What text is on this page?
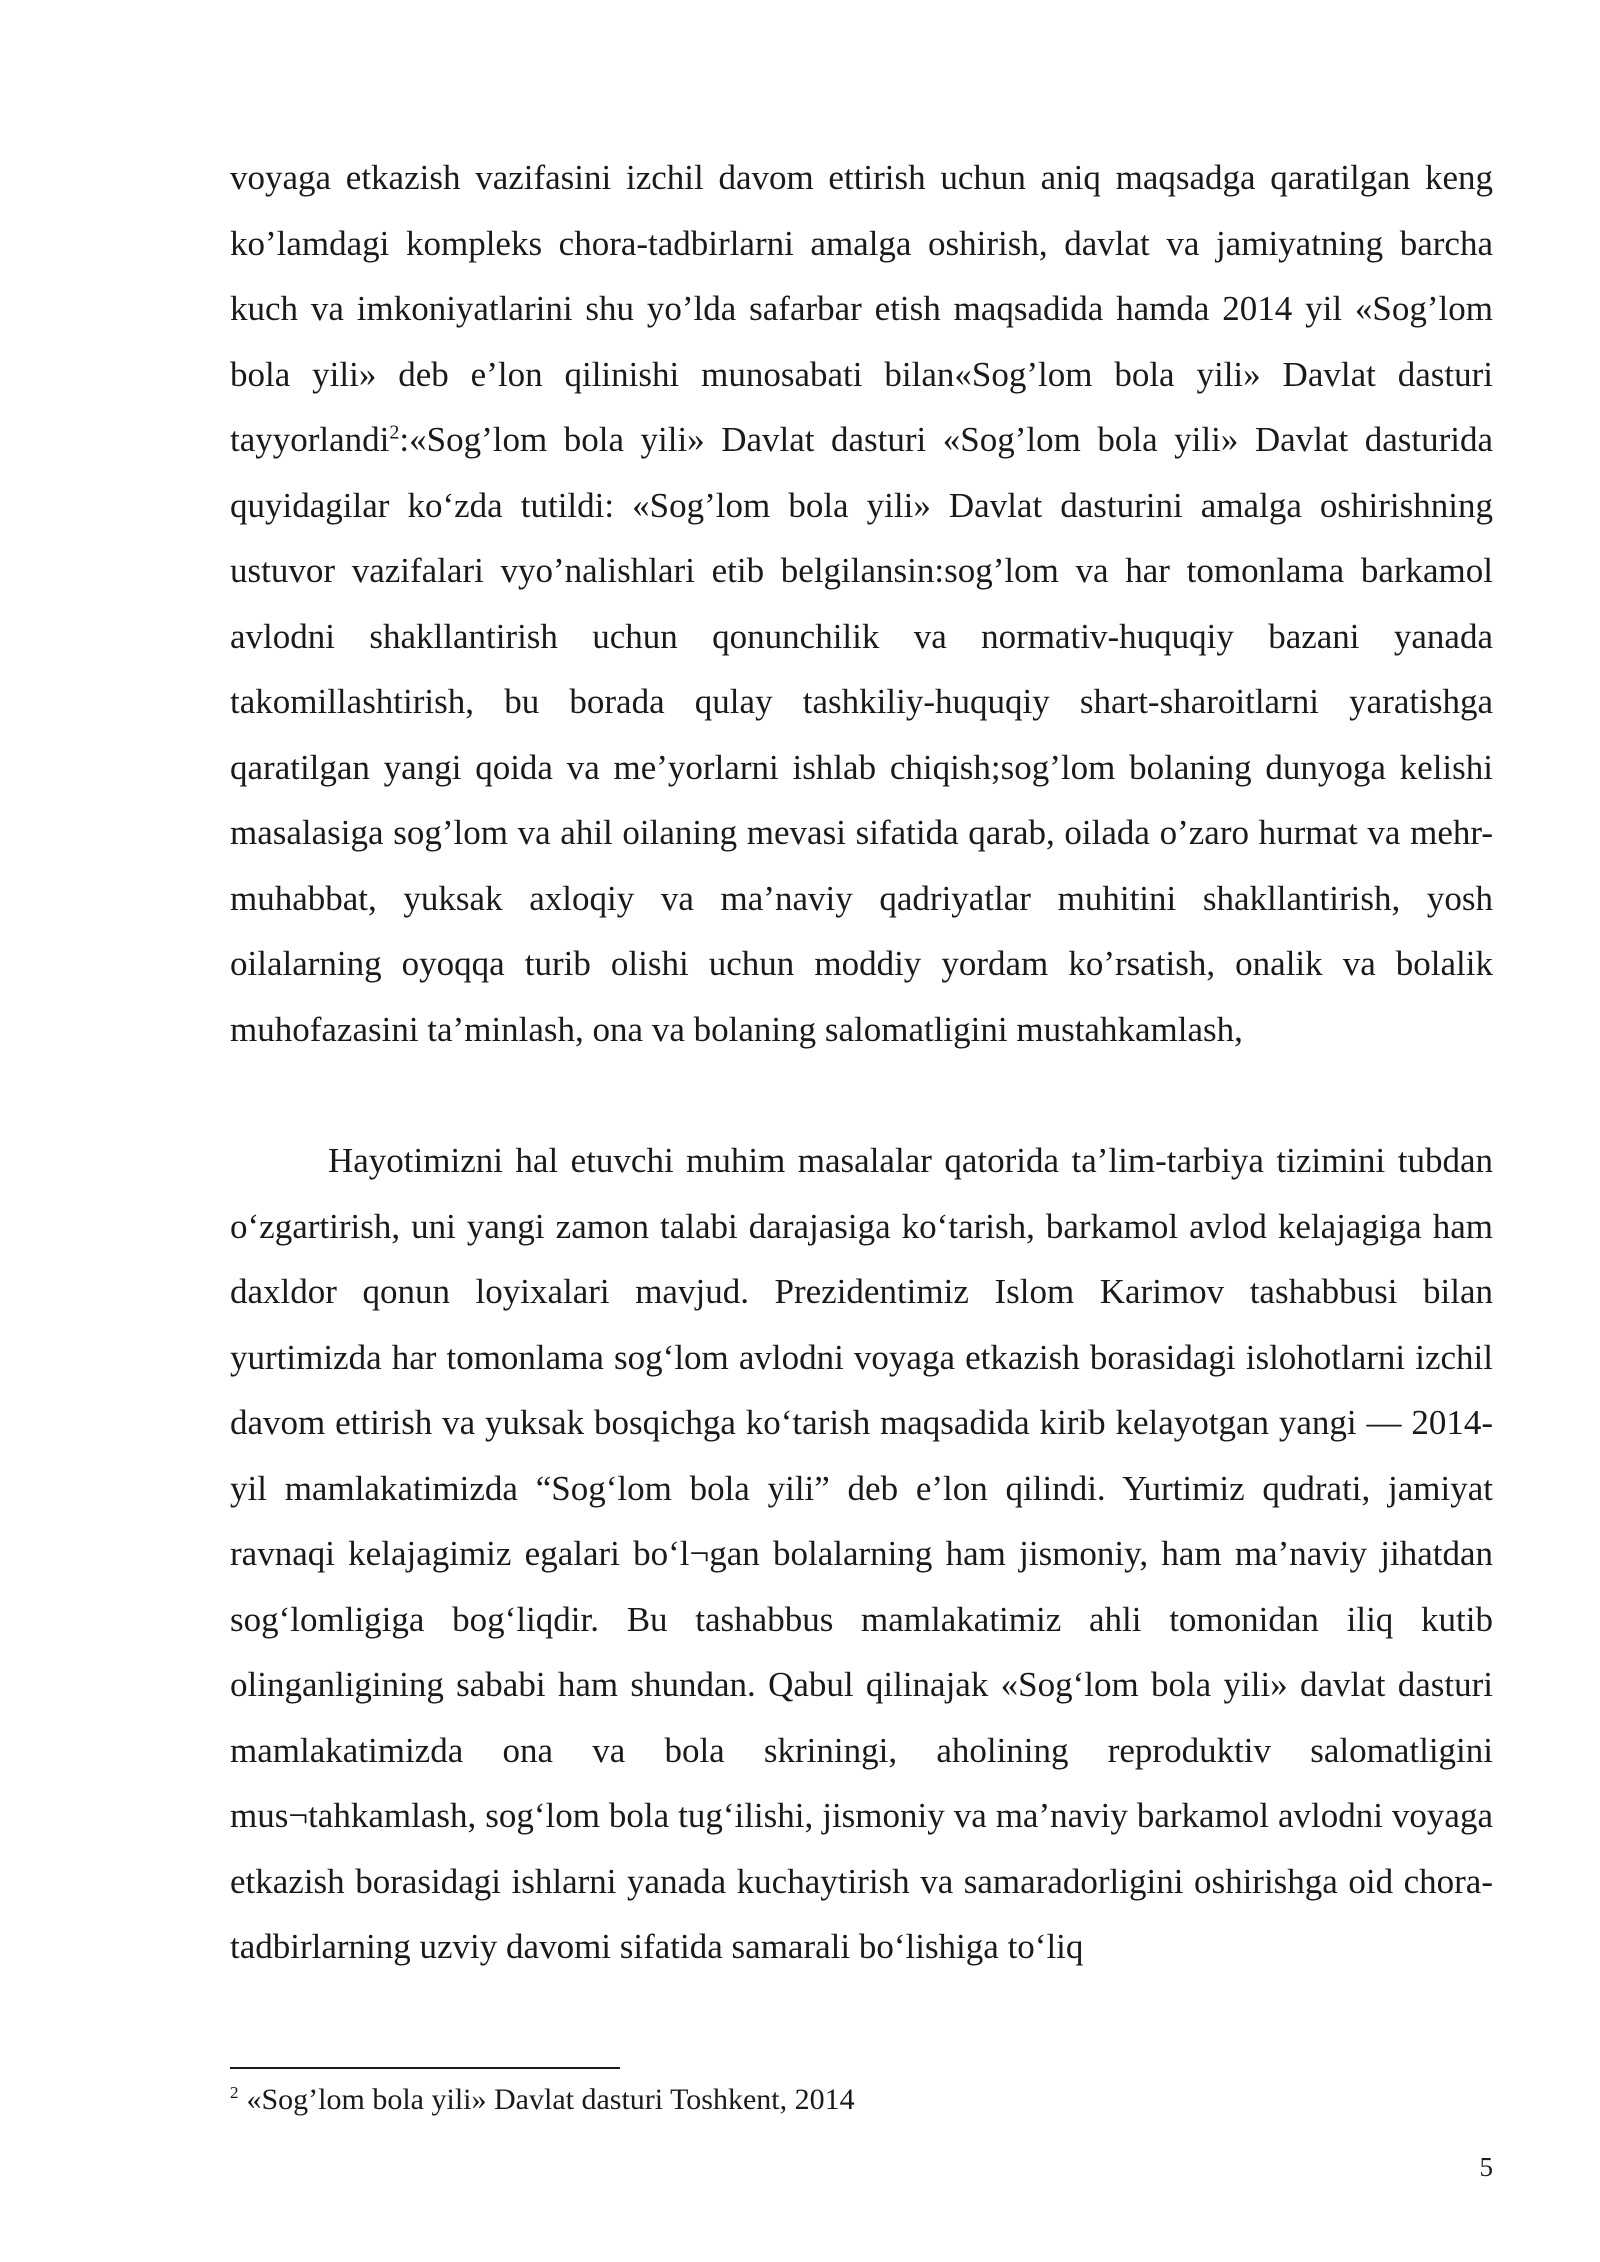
voyaga etkazish vazifasini izchil davom ettirish uchun aniq maqsadga qaratilgan keng ko’lamdagi kompleks chora-tadbirlarni amalga oshirish, davlat va jamiyatning barcha kuch va imkoniyatlarini shu yo’lda safarbar etish maqsadida hamda 2014 yil «Sog’lom bola yili» deb e’lon qilinishi munosabati bilan«Sog’lom bola yili» Davlat dasturi tayyorlandi$^2$:«Sog’lom bola yili» Davlat dasturi «Sog’lom bola yili» Davlat dasturida quyidagilar ko‘zda tutildi: «Sog’lom bola yili» Davlat dasturini amalga oshirishning ustuvor vazifalari vyo’nalishlari etib belgilansin:sog’lom va har tomonlama barkamol avlodni shakllantirish uchun qonunchilik va normativ-huquqiy bazani yanada takomillashtirish, bu borada qulay tashkiliy-huquqiy shart-sharoitlarni yaratishga qaratilgan yangi qoida va me’yorlarni ishlab chiqish;sog’lom bolaning dunyoga kelishi masalasiga sog’lom va ahil oilaning mevasi sifatida qarab, oilada o’zaro hurmat va mehr-muhabbat, yuksak axloqiy va ma’naviy qadriyatlar muhitini shakllantirish, yosh oilalarning oyoqqa turib olishi uchun moddiy yordam ko’rsatish, onalik va bolalik muhofazasini ta’minlash, ona va bolaning salomatligini mustahkamlash,

Hayotimizni hal etuvchi muhim masalalar qatorida ta’lim-tarbiya tizimini tubdan o‘zgartirish, uni yangi zamon talabi darajasiga ko‘tarish, barkamol avlod kelajagiga ham daxldor qonun loyixalari mavjud. Prezidentimiz Islom Karimov tashabbusi bilan yurtimizda har tomonlama sog‘lom avlodni voyaga etkazish borasidagi islohotlarni izchil davom ettirish va yuksak bosqichga ko‘tarish maqsadida kirib kelayotgan yangi — 2014-yil mamlakatimizda “Sog‘lom bola yili” deb e’lon qilindi. Yurtimiz qudrati, jamiyat ravnaqi kelajagimiz egalari bo‘l¬gan bolalarning ham jismoniy, ham ma’naviy jihatdan sog‘lomligiga bog‘liqdir. Bu tashabbus mamlakatimiz ahli tomonidan iliq kutib olinganligining sababi ham shundan. Qabul qilinajak «Sog‘lom bola yili» davlat dasturi mamlakatimizda ona va bola skriningi, aholining reproduktiv salomatligini mus¬tahkamlash, sog‘lom bola tug‘ilishi, jismoniy va ma’naviy barkamol avlodni voyaga etkazish borasidagi ishlarni yanada kuchaytirish va samaradorligini oshirishga oid chora-tadbirlarning uzviy davomi sifatida samarali bo‘lishiga to‘liq

$^2$ «Sog’lom bola yili» Davlat dasturi Toshkent, 2014
5
